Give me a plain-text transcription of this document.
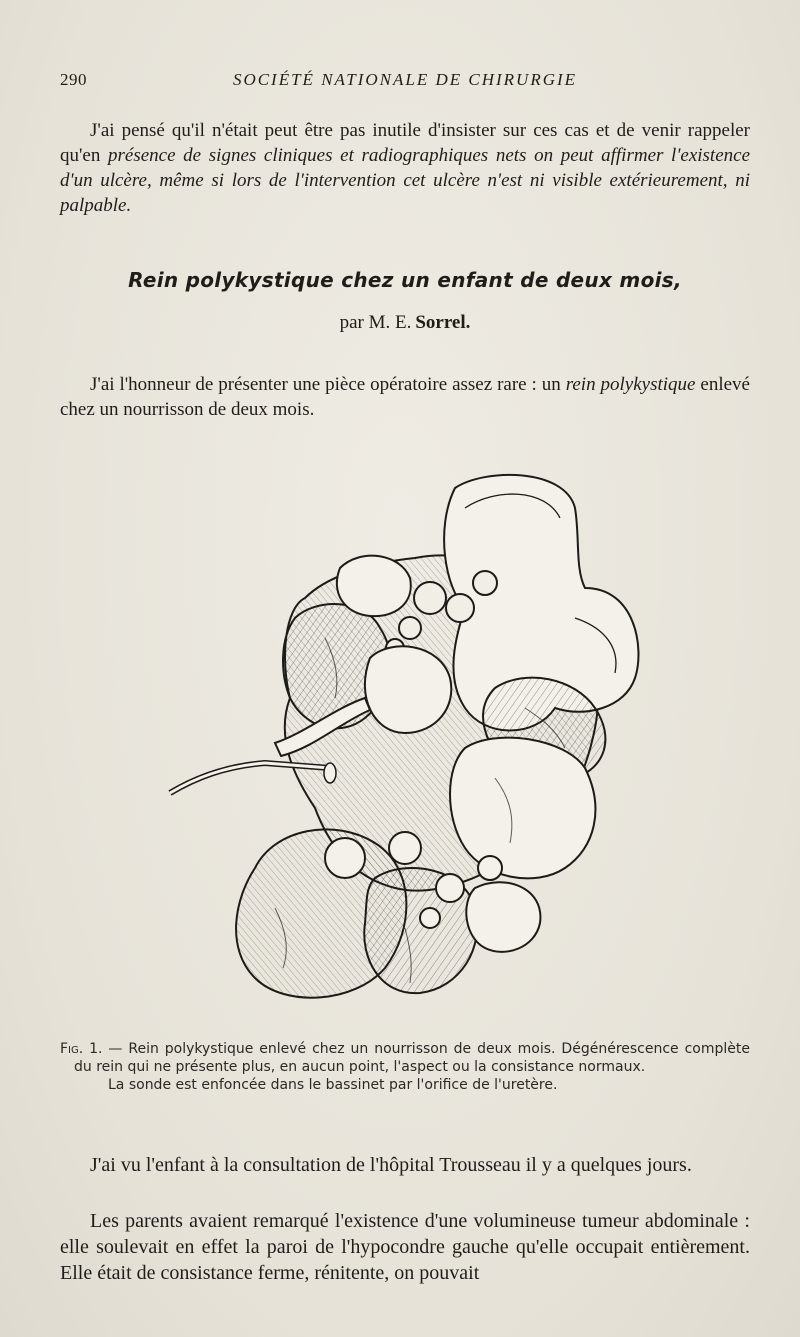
290	SOCIÉTÉ NATIONALE DE CHIRURGIE
J'ai pensé qu'il n'était peut être pas inutile d'insister sur ces cas et de venir rappeler qu'en présence de signes cliniques et radiographiques nets on peut affirmer l'existence d'un ulcère, même si lors de l'intervention cet ulcère n'est ni visible extérieurement, ni palpable.
Rein polykystique chez un enfant de deux mois,
par M. E. Sorrel.
J'ai l'honneur de présenter une pièce opératoire assez rare : un rein polykystique enlevé chez un nourrisson de deux mois.
Fig. 1. — Rein polykystique enlevé chez un nourrisson de deux mois. Dégénérescence complète du rein qui ne présente plus, en aucun point, l'aspect ou la consistance normaux.
La sonde est enfoncée dans le bassinet par l'orifice de l'uretère.
J'ai vu l'enfant à la consultation de l'hôpital Trousseau il y a quelques jours.
Les parents avaient remarqué l'existence d'une volumineuse tumeur abdominale : elle soulevait en effet la paroi de l'hypocondre gauche qu'elle occupait entièrement. Elle était de consistance ferme, rénitente, on pouvait
